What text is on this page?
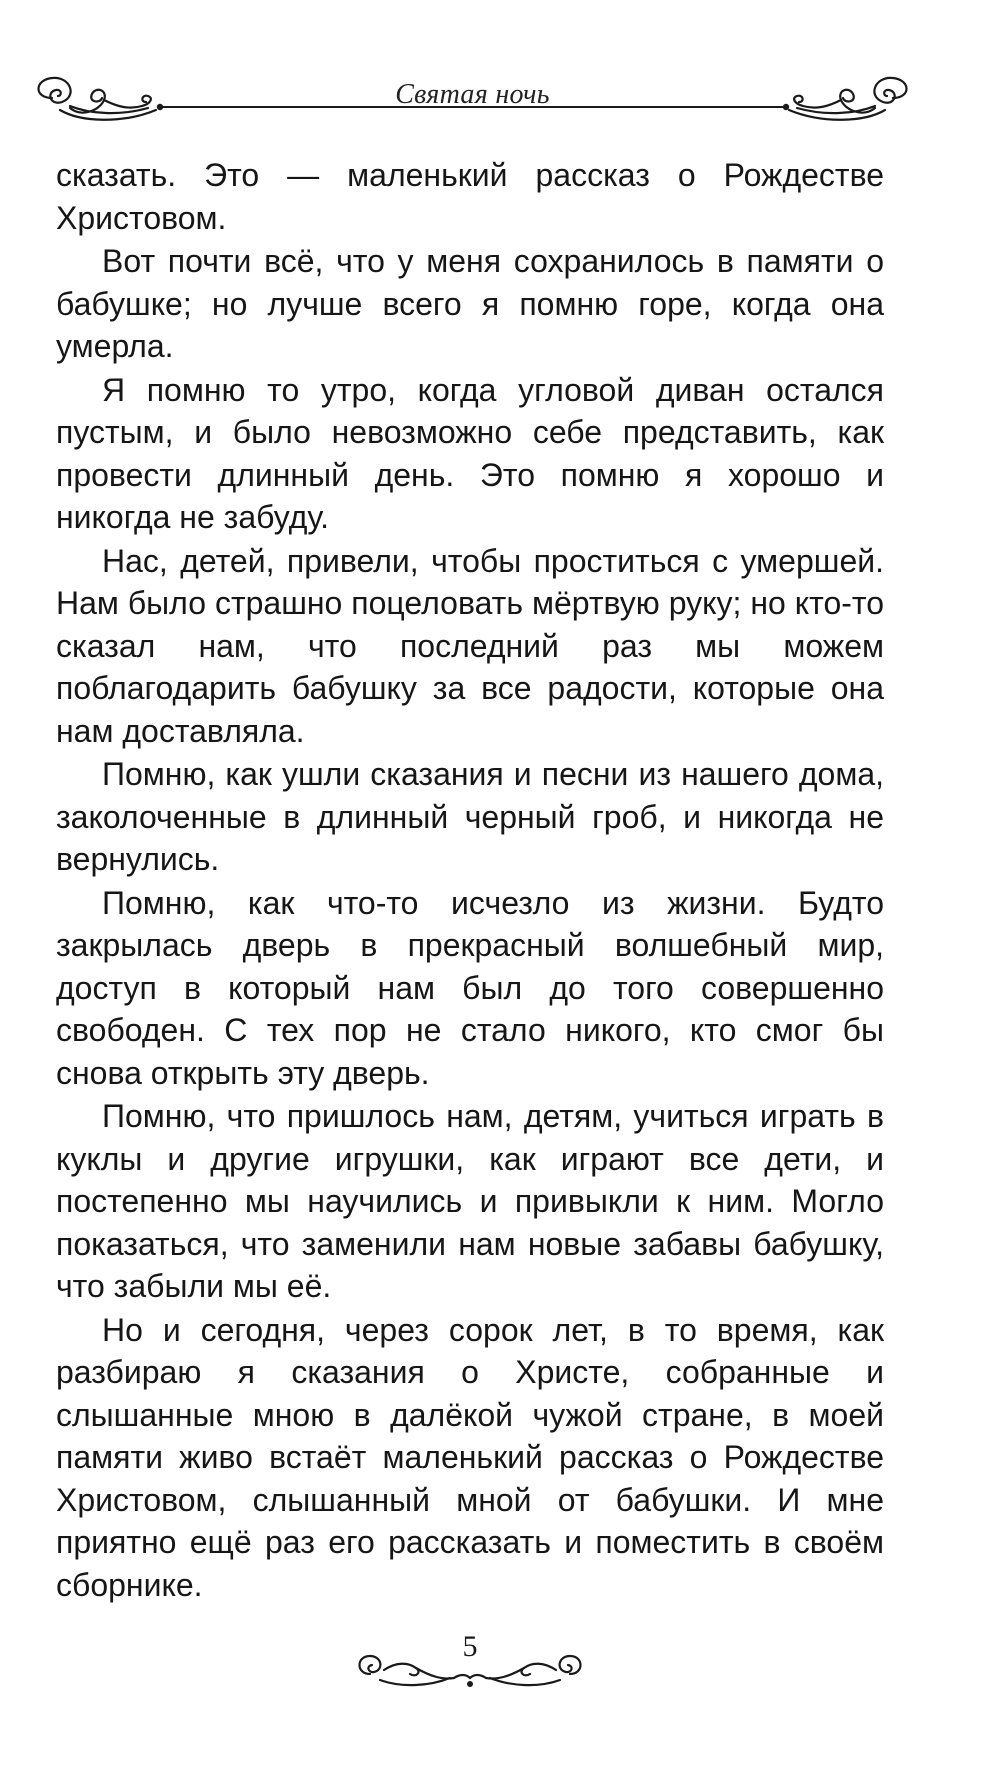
Святая ночь

сказать. Это — маленький рассказ о Рождестве Христовом.

Вот почти всё, что у меня сохранилось в памяти о бабушке; но лучше всего я помню горе, когда она умерла.

Я помню то утро, когда угловой диван остался пустым, и было невозможно себе представить, как провести длинный день. Это помню я хорошо и никогда не забуду.

Нас, детей, привели, чтобы проститься с умершей. Нам было страшно поцеловать мёртвую руку; но кто-то сказал нам, что последний раз мы можем поблагодарить бабушку за все радости, которые она нам доставляла.

Помню, как ушли сказания и песни из нашего дома, заколоченные в длинный черный гроб, и никогда не вернулись.

Помню, как что-то исчезло из жизни. Будто закрылась дверь в прекрасный волшебный мир, доступ в который нам был до того совершенно свободен. С тех пор не стало никого, кто смог бы снова открыть эту дверь.

Помню, что пришлось нам, детям, учиться играть в куклы и другие игрушки, как играют все дети, и постепенно мы научились и привыкли к ним. Могло показаться, что заменили нам новые забавы бабушку, что забыли мы её.

Но и сегодня, через сорок лет, в то время, как разбираю я сказания о Христе, собранные и слышанные мною в далёкой чужой стране, в моей памяти живо встаёт маленький рассказ о Рождестве Христовом, слышанный мной от бабушки. И мне приятно ещё раз его рассказать и поместить в своём сборнике.

5
